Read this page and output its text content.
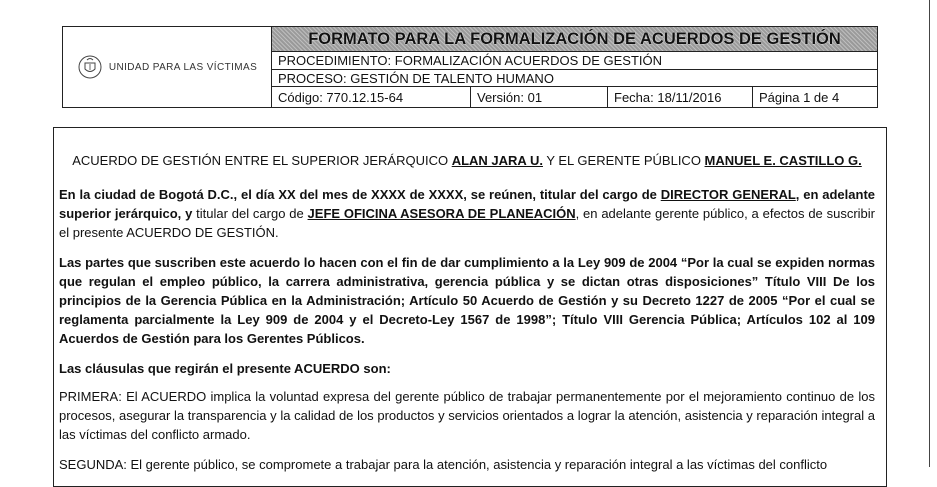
UNIDAD PARA LAS VÍCTIMAS
FORMATO PARA LA FORMALIZACIÓN DE ACUERDOS DE GESTIÓN
PROCEDIMIENTO: FORMALIZACIÓN ACUERDOS DE GESTIÓN
PROCESO: GESTIÓN DE TALENTO HUMANO
Código: 770.12.15-64	Versión: 01	Fecha: 18/11/2016	Página 1 de 4

ACUERDO DE GESTIÓN ENTRE EL SUPERIOR JERÁRQUICO ALAN JARA U. Y EL GERENTE PÚBLICO MANUEL E. CASTILLO G.

En la ciudad de Bogotá D.C., el día XX del mes de XXXX de XXXX, se reúnen, titular del cargo de DIRECTOR GENERAL, en adelante superior jerárquico, y titular del cargo de JEFE OFICINA ASESORA DE PLANEACIÓN, en adelante gerente público, a efectos de suscribir el presente ACUERDO DE GESTIÓN.

Las partes que suscriben este acuerdo lo hacen con el fin de dar cumplimiento a la Ley 909 de 2004 “Por la cual se expiden normas que regulan el empleo público, la carrera administrativa, gerencia pública y se dictan otras disposiciones” Título VIII De los principios de la Gerencia Pública en la Administración; Artículo 50 Acuerdo de Gestión y su Decreto 1227 de 2005 “Por el cual se reglamenta parcialmente la Ley 909 de 2004 y el Decreto-Ley 1567 de 1998”; Título VIII Gerencia Pública; Artículos 102 al 109 Acuerdos de Gestión para los Gerentes Públicos.

Las cláusulas que regirán el presente ACUERDO son:

PRIMERA: El ACUERDO implica la voluntad expresa del gerente público de trabajar permanentemente por el mejoramiento continuo de los procesos, asegurar la transparencia y la calidad de los productos y servicios orientados a lograr la atención, asistencia y reparación integral a las víctimas del conflicto armado.

SEGUNDA: El gerente público, se compromete a trabajar para la atención, asistencia y reparación integral a las víctimas del conflicto
